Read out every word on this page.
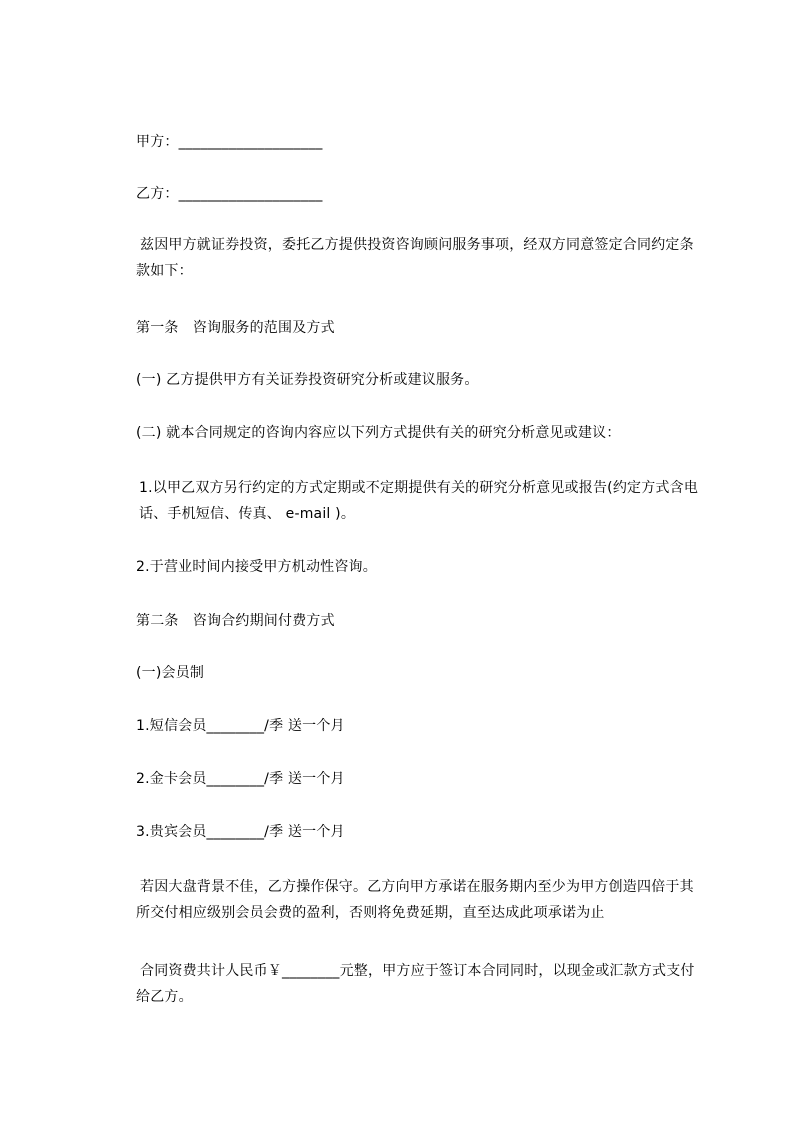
甲方：____________________
乙方：____________________
兹因甲方就证券投资，委托乙方提供投资咨询顾问服务事项，经双方同意签定合同约定条款如下：
第一条　咨询服务的范围及方式
(一) 乙方提供甲方有关证券投资研究分析或建议服务。
(二) 就本合同规定的咨询内容应以下列方式提供有关的研究分析意见或建议：
1.以甲乙双方另行约定的方式定期或不定期提供有关的研究分析意见或报告(约定方式含电话、手机短信、传真、 e-mail )。
2.于营业时间内接受甲方机动性咨询。
第二条　咨询合约期间付费方式
(一)会员制
1.短信会员________/季 送一个月
2.金卡会员________/季 送一个月
3.贵宾会员________/季 送一个月
若因大盘背景不佳，乙方操作保守。乙方向甲方承诺在服务期内至少为甲方创造四倍于其所交付相应级别会员会费的盈利，否则将免费延期，直至达成此项承诺为止
合同资费共计人民币￥________元整，甲方应于签订本合同同时，以现金或汇款方式支付给乙方。
